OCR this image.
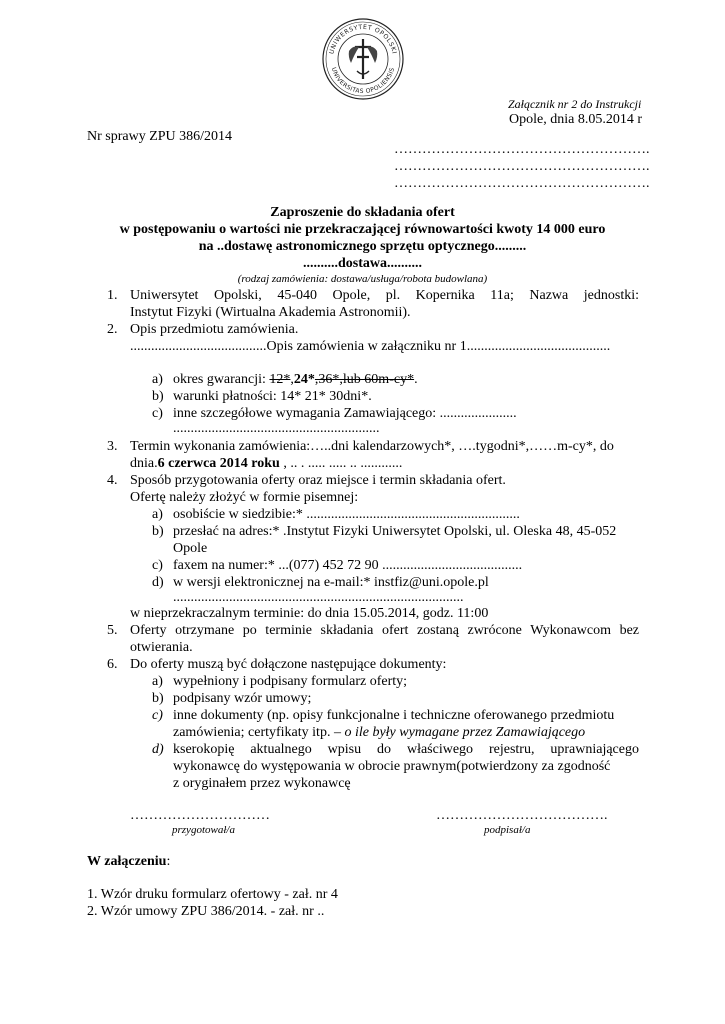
UNIWERSYTET OPOLSKI
UNIVERSITAS OPOLIENSIS
Załącznik nr 2 do Instrukcji
Opole, dnia 8.05.2014 r
Nr sprawy ZPU 386/2014
……………………………………………….
……………………………………………….
……………………………………………….
Zaproszenie do składania ofert
w postępowaniu o wartości nie przekraczającej równowartości kwoty 14 000 euro
na ..dostawę astronomicznego sprzętu optycznego.........
..........dostawa..........
(rodzaj zamówienia: dostawa/usługa/robota budowlana)
1. Uniwersytet Opolski, 45-040 Opole, pl. Kopernika 11a; Nazwa jednostki:
Instytut Fizyki (Wirtualna Akademia Astronomii).
2. Opis przedmiotu zamówienia.
.......................................Opis zamówienia w załączniku nr 1.........................................
a) okres gwarancji: 12*,24*,36*,lub 60m-cy*.
b) warunki płatności: 14* 21* 30dni*.
c) inne szczegółowe wymagania Zamawiającego: ......................
...........................................................
3. Termin wykonania zamówienia:…..dni kalendarzowych*, ….tygodni*,……m-cy*, do
dnia.6 czerwca 2014 roku , .. . ..... ..... .. ............
4. Sposób przygotowania oferty oraz miejsce i termin składania ofert.
Ofertę należy złożyć w formie pisemnej:
a) osobiście w siedzibie:* .............................................................
b) przesłać na adres:* .Instytut Fizyki Uniwersytet Opolski, ul. Oleska 48, 45-052
Opole
c) faxem na numer:* ...(077) 452 72 90 ........................................
d) w wersji elektronicznej na e-mail:* instfiz@uni.opole.pl
...................................................................................
w nieprzekraczalnym terminie: do dnia 15.05.2014, godz. 11:00
5. Oferty otrzymane po terminie składania ofert zostaną zwrócone Wykonawcom bez
otwierania.
6. Do oferty muszą być dołączone następujące dokumenty:
a) wypełniony i podpisany formularz oferty;
b) podpisany wzór umowy;
c) inne dokumenty (np. opisy funkcjonalne i techniczne oferowanego przedmiotu
zamówienia; certyfikaty itp. – o ile były wymagane przez Zamawiającego
d) kserokopię aktualnego wpisu do właściwego rejestru, uprawniającego
wykonawcę do występowania w obrocie prawnym(potwierdzony za zgodność
z oryginałem przez wykonawcę
…………………………
przygotował/a
……………………………….
podpisał/a
W załączeniu:
1. Wzór druku formularz ofertowy - zał. nr 4
2. Wzór umowy ZPU 386/2014. - zał. nr ..
